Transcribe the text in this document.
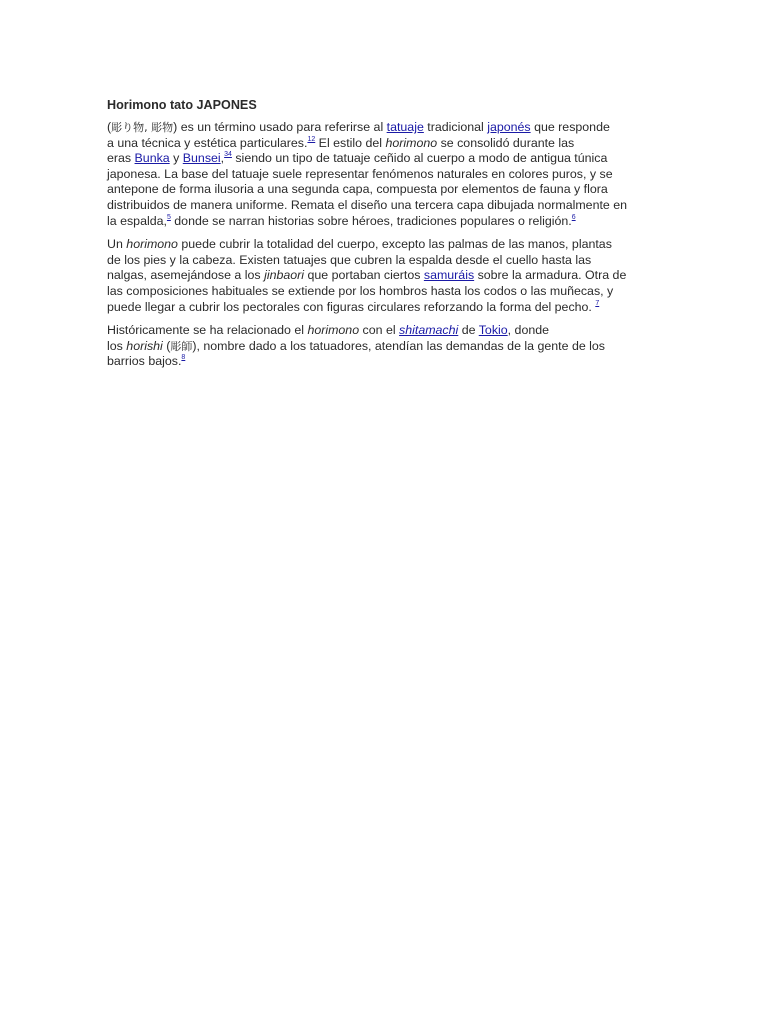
Horimono tato JAPONES

(彫り物, 彫物) es un término usado para referirse al tatuaje tradicional japonés que responde
a una técnica y estética particulares.$^{12}$ El estilo del horimono se consolidó durante las
eras Bunka y Bunsei,$^{34}$ siendo un tipo de tatuaje ceñido al cuerpo a modo de antigua túnica
japonesa. La base del tatuaje suele representar fenómenos naturales en colores puros, y se
antepone de forma ilusoria a una segunda capa, compuesta por elementos de fauna y flora
distribuidos de manera uniforme. Remata el diseño una tercera capa dibujada normalmente en
la espalda,$^5$ donde se narran historias sobre héroes, tradiciones populares o religión.$^6$

Un horimono puede cubrir la totalidad del cuerpo, excepto las palmas de las manos, plantas
de los pies y la cabeza. Existen tatuajes que cubren la espalda desde el cuello hasta las
nalgas, asemejándose a los jinbaori que portaban ciertos samuráis sobre la armadura. Otra de
las composiciones habituales se extiende por los hombros hasta los codos o las muñecas, y
puede llegar a cubrir los pectorales con figuras circulares reforzando la forma del pecho. $^7$

Históricamente se ha relacionado el horimono con el shitamachi de Tokio, donde
los horishi (彫師), nombre dado a los tatuadores, atendían las demandas de la gente de los
barrios bajos.$^8$
